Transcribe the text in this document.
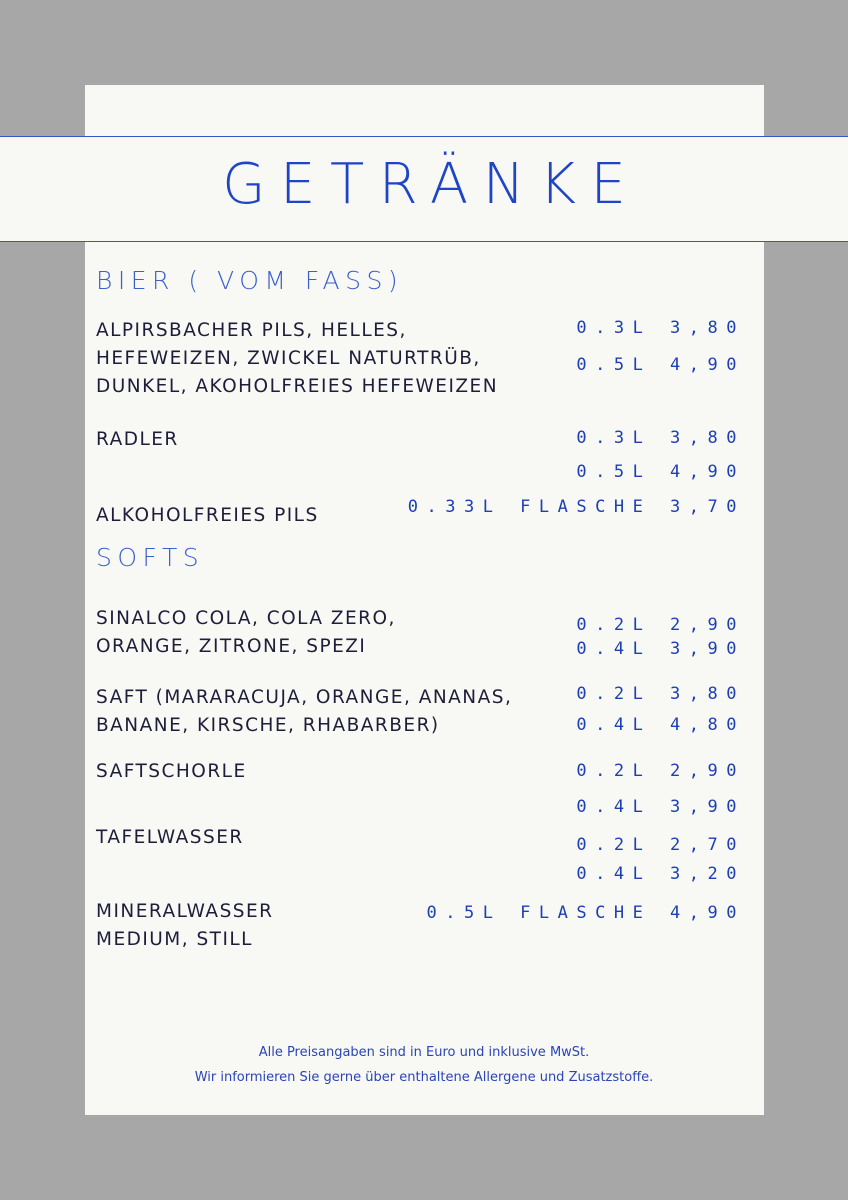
GETRÄNKE
BIER ( VOM FASS)
ALPIRSBACHER PILS, HELLES,
HEFEWEIZEN, ZWICKEL NATURTRÜB,
DUNKEL, AKOHOLFREIES HEFEWEIZEN
0.3L 3,80
0.5L 4,90
RADLER	0.3L 3,80
0.5L 4,90
ALKOHOLFREIES PILS	0.33L FLASCHE 3,70
SOFTS
SINALCO COLA, COLA ZERO,
ORANGE, ZITRONE, SPEZI
0.2L 2,90
0.4L 3,90
SAFT (MARARACUJA, ORANGE, ANANAS,
BANANE, KIRSCHE, RHABARBER)
0.2L 3,80
0.4L 4,80
SAFTSCHORLE	0.2L 2,90
0.4L 3,90
TAFELWASSER	0.2L 2,70
0.4L 3,20
MINERALWASSER
MEDIUM, STILL
0.5L FLASCHE 4,90
Alle Preisangaben sind in Euro und inklusive MwSt.
Wir informieren Sie gerne über enthaltene Allergene und Zusatzstoffe.
